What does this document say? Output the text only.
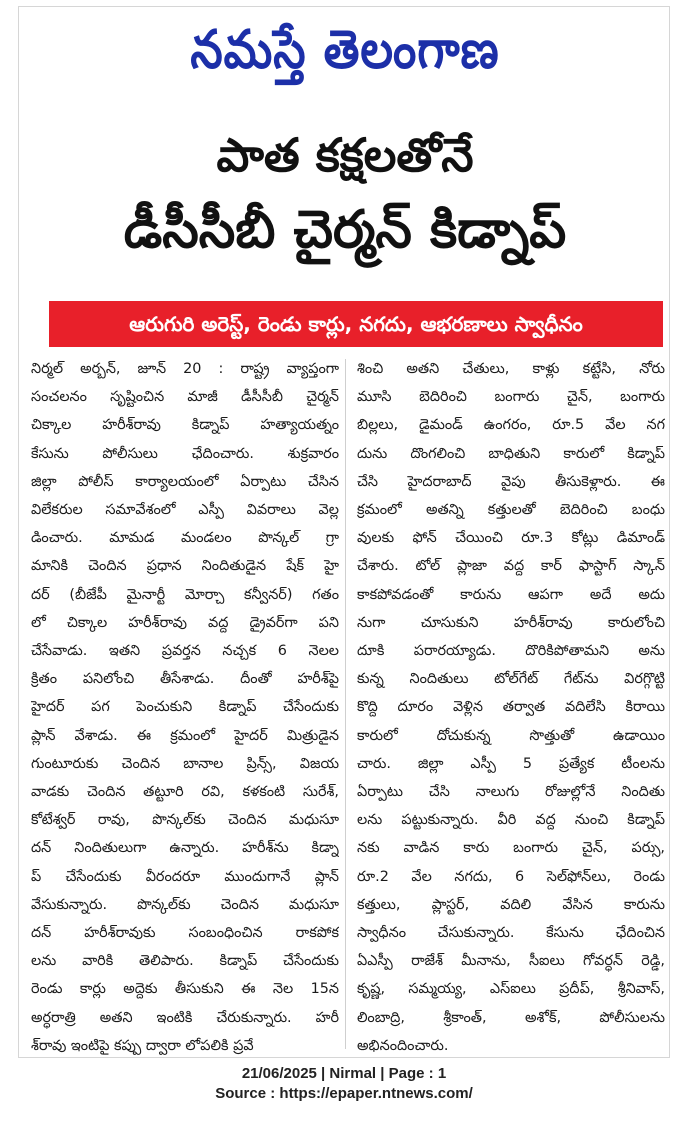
నమస్తే తెలంగాణ
పాత కక్షలతోనే
డీసీసీబీ చైర్మన్ కిడ్నాప్
ఆరుగురి అరెస్ట్, రెండు కార్లు, నగదు, ఆభరణాలు స్వాధీనం
నిర్మల్ అర్బన్, జూన్ 20 : రాష్ట్ర వ్యాప్తంగా
సంచలనం సృష్టించిన మాజీ డీసీసీబీ చైర్మన్
చిక్కాల హరీశ్‌రావు కిడ్నాప్ హత్యాయత్నం
కేసును పోలీసులు ఛేదించారు. శుక్రవారం
జిల్లా పోలీస్ కార్యాలయంలో ఏర్పాటు చేసిన
విలేకరుల సమావేశంలో ఎస్పీ వివరాలు వెల్ల
డించారు. మామడ మండలం పొన్కల్ గ్రా
మానికి చెందిన ప్రధాన నిందితుడైన షేక్ హై
దర్ (బీజేపీ మైనార్టీ మోర్చా కన్వీనర్) గతం
లో చిక్కాల హరీశ్‌రావు వద్ద డ్రైవర్‌గా పని
చేసేవాడు. ఇతని ప్రవర్తన నచ్చక 6 నెలల
క్రితం పనిలోంచి తీసేశాడు. దీంతో హరీశ్‌పై
హైదర్ పగ పెంచుకుని కిడ్నాప్ చేసేందుకు
ప్లాన్ వేశాడు. ఈ క్రమంలో హైదర్ మిత్రుడైన
గుంటూరుకు చెందిన బానాల ప్రిన్స్, విజయ
వాడకు చెందిన తట్టూరి రవి, కళకంటి సురేశ్,
కోటేశ్వర్ రావు, పొన్కల్‌కు చెందిన మధుసూ
దన్ నిందితులుగా ఉన్నారు. హరీశ్‌ను కిడ్నా
ప్ చేసేందుకు వీరందరూ ముందుగానే ప్లాన్
వేసుకున్నారు. పొన్కల్‌కు చెందిన మధుసూ
దన్ హరీశ్‌రావుకు సంబంధించిన రాకపోక
లను వారికి తెలిపారు. కిడ్నాప్ చేసేందుకు
రెండు కార్లు అద్దెకు తీసుకుని ఈ నెల 15న
అర్ధరాత్రి అతని ఇంటికి చేరుకున్నారు. హరీ
శ్‌రావు ఇంటిపై కప్పు ద్వారా లోపలికి ప్రవే
శించి అతని చేతులు, కాళ్లు కట్టేసి, నోరు
మూసి బెదిరించి బంగారు చైన్, బంగారు
బిల్లలు, డైమండ్ ఉంగరం, రూ.5 వేల నగ
దును దొంగలించి బాధితుని కారులో కిడ్నాప్
చేసి హైదరాబాద్ వైపు తీసుకెళ్లారు. ఈ
క్రమంలో అతన్ని కత్తులతో బెదిరించి బంధు
వులకు ఫోన్ చేయించి రూ.3 కోట్లు డిమాండ్
చేశారు. టోల్ ప్లాజా వద్ద కార్ ఫాస్టాగ్ స్కాన్
కాకపోవడంతో కారును ఆపగా అదే అదు
నుగా చూసుకుని హరీశ్‌రావు కారులోంచి
దూకి పరారయ్యాడు. దొరికిపోతామని అను
కున్న నిందితులు టోల్‌గేట్ గేట్‌ను విరగ్గొట్టి
కొద్ది దూరం వెళ్లిన తర్వాత వదిలేసి కిరాయి
కారులో దోచుకున్న సొత్తుతో ఉడాయిం
చారు. జిల్లా ఎస్పీ 5 ప్రత్యేక టీంలను
ఏర్పాటు చేసి నాలుగు రోజుల్లోనే నిందితు
లను పట్టుకున్నారు. వీరి వద్ద నుంచి కిడ్నాప్
నకు వాడిన కారు బంగారు చైన్, పర్సు,
రూ.2 వేల నగదు, 6 సెల్‌ఫోన్‌లు, రెండు
కత్తులు, ప్లాస్టర్, వదిలి వేసిన కారును
స్వాధీనం చేసుకున్నారు. కేసును ఛేదించిన
ఏఎస్పీ రాజేశ్ మీనాను, సీఐలు గోవర్ధన్ రెడ్డి,
కృష్ణ, సమ్మయ్య, ఎస్ఐలు ప్రదీప్, శ్రీనివాస్,
లింబాద్రి, శ్రీకాంత్, అశోక్, పోలీసులను
అభినందించారు.
21/06/2025 | Nirmal | Page : 1
Source : https://epaper.ntnews.com/
